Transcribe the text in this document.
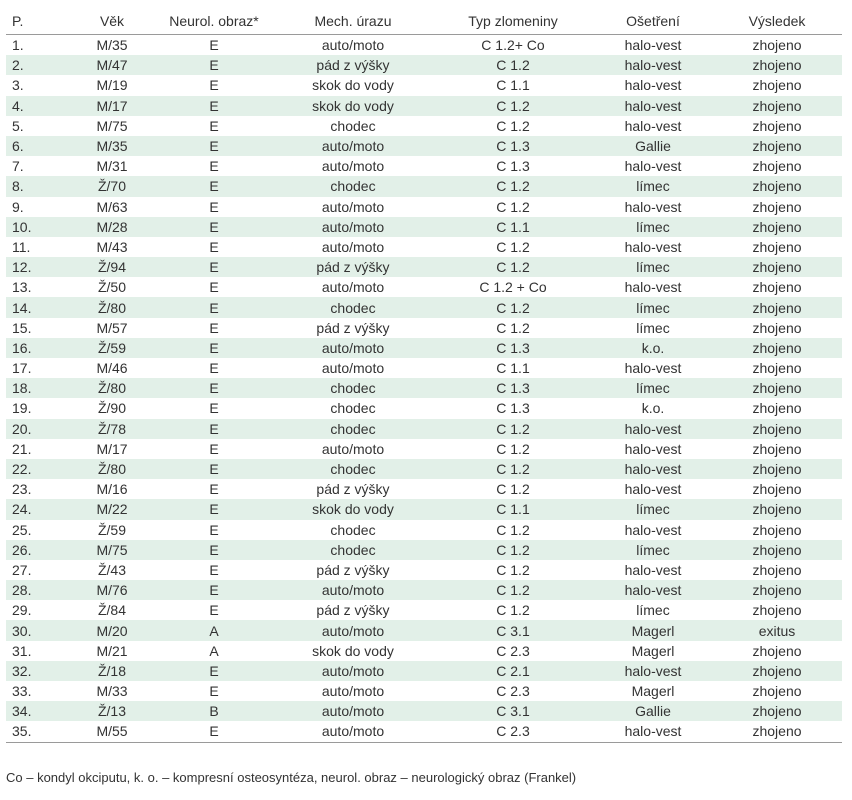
P.	Věk	Neurol. obraz*	Mech. úrazu	Typ zlomeniny	Ošetření	Výsledek
1.	M/35	E	auto/moto	C 1.2+ Co	halo-vest	zhojeno
2.	M/47	E	pád z výšky	C 1.2	halo-vest	zhojeno
3.	M/19	E	skok do vody	C 1.1	halo-vest	zhojeno
4.	M/17	E	skok do vody	C 1.2	halo-vest	zhojeno
5.	M/75	E	chodec	C 1.2	halo-vest	zhojeno
6.	M/35	E	auto/moto	C 1.3	Gallie	zhojeno
7.	M/31	E	auto/moto	C 1.3	halo-vest	zhojeno
8.	Ž/70	E	chodec	C 1.2	límec	zhojeno
9.	M/63	E	auto/moto	C 1.2	halo-vest	zhojeno
10.	M/28	E	auto/moto	C 1.1	límec	zhojeno
11.	M/43	E	auto/moto	C 1.2	halo-vest	zhojeno
12.	Ž/94	E	pád z výšky	C 1.2	límec	zhojeno
13.	Ž/50	E	auto/moto	C 1.2 + Co	halo-vest	zhojeno
14.	Ž/80	E	chodec	C 1.2	límec	zhojeno
15.	M/57	E	pád z výšky	C 1.2	límec	zhojeno
16.	Ž/59	E	auto/moto	C 1.3	k.o.	zhojeno
17.	M/46	E	auto/moto	C 1.1	halo-vest	zhojeno
18.	Ž/80	E	chodec	C 1.3	límec	zhojeno
19.	Ž/90	E	chodec	C 1.3	k.o.	zhojeno
20.	Ž/78	E	chodec	C 1.2	halo-vest	zhojeno
21.	M/17	E	auto/moto	C 1.2	halo-vest	zhojeno
22.	Ž/80	E	chodec	C 1.2	halo-vest	zhojeno
23.	M/16	E	pád z výšky	C 1.2	halo-vest	zhojeno
24.	M/22	E	skok do vody	C 1.1	límec	zhojeno
25.	Ž/59	E	chodec	C 1.2	halo-vest	zhojeno
26.	M/75	E	chodec	C 1.2	límec	zhojeno
27.	Ž/43	E	pád z výšky	C 1.2	halo-vest	zhojeno
28.	M/76	E	auto/moto	C 1.2	halo-vest	zhojeno
29.	Ž/84	E	pád z výšky	C 1.2	límec	zhojeno
30.	M/20	A	auto/moto	C 3.1	Magerl	exitus
31.	M/21	A	skok do vody	C 2.3	Magerl	zhojeno
32.	Ž/18	E	auto/moto	C 2.1	halo-vest	zhojeno
33.	M/33	E	auto/moto	C 2.3	Magerl	zhojeno
34.	Ž/13	B	auto/moto	C 3.1	Gallie	zhojeno
35.	M/55	E	auto/moto	C 2.3	halo-vest	zhojeno
Co – kondyl okciputu, k. o. – kompresní osteosyntéza, neurol. obraz – neurologický obraz (Frankel)
